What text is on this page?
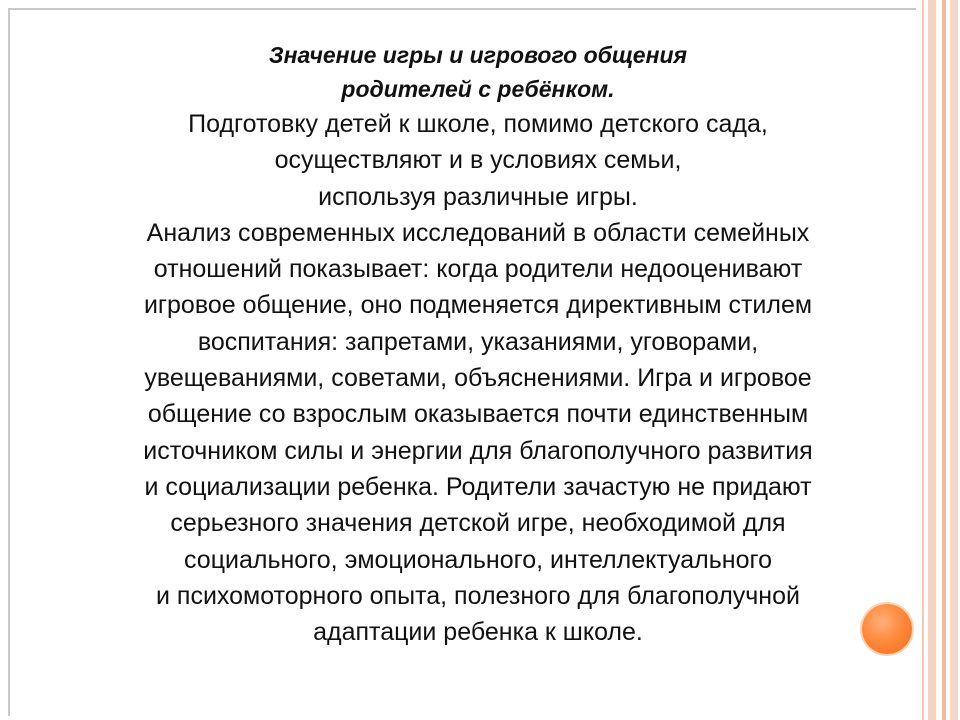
Значение игры и игрового общения
родителей с ребёнком.

Подготовку детей к школе, помимо детского сада,
осуществляют и в условиях семьи,
используя различные игры.
Анализ современных исследований в области семейных
отношений показывает: когда родители недооценивают
игровое общение, оно подменяется директивным стилем
воспитания: запретами, указаниями, уговорами,
увещеваниями, советами, объяснениями. Игра и игровое
общение со взрослым оказывается почти единственным
источником силы и энергии для благополучного развития
и социализации ребенка. Родители зачастую не придают
серьезного значения детской игре, необходимой для
социального, эмоционального, интеллектуального
и психомоторного опыта, полезного для благополучной
адаптации ребенка к школе.
